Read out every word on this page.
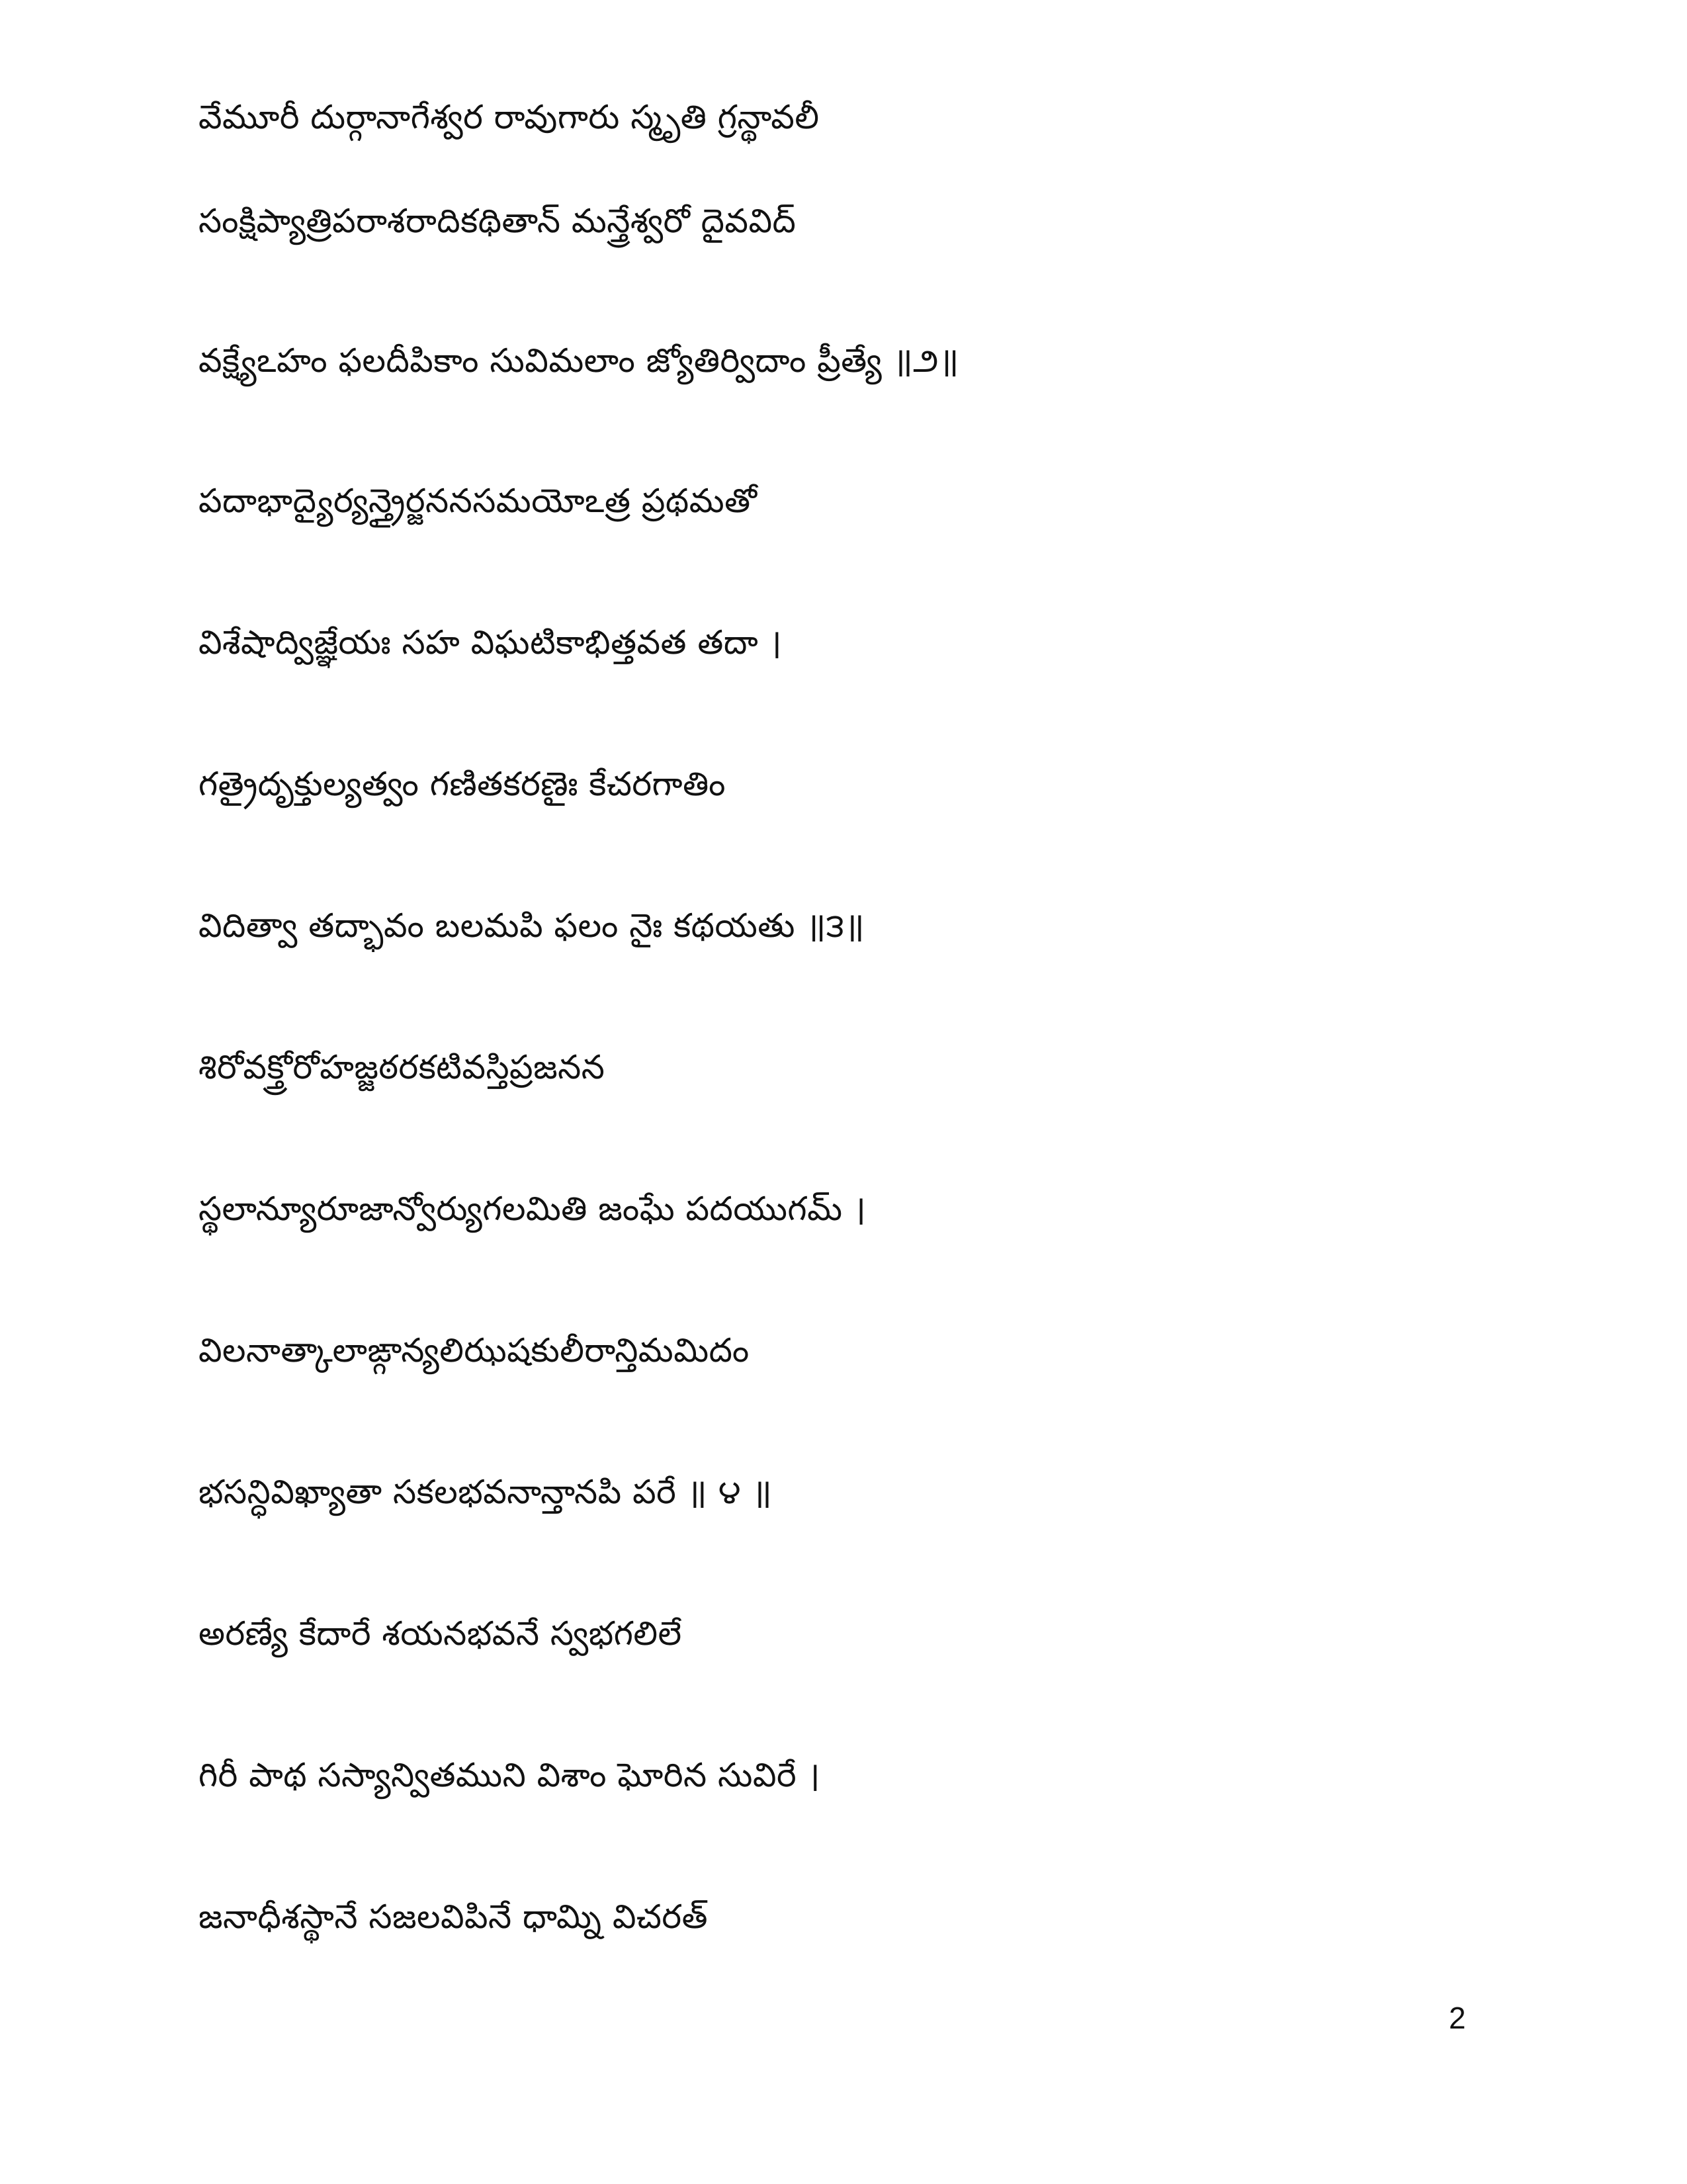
వేమూరీ దుర్గానాగేశ్వర రావుగారు స్మృతి గ్రన్థావలీ
సంక్షిప్యాత్రిపరాశరాదికథితాన్ మన్త్రేశ్వరో దైవవిద్
వక్ష్యేఽహం ఫలదీపికాం సువిమలాం జ్యోతిర్విదాం ప్రీత్యే ॥౨॥
పదాభాద్యైర్యన్త్రైర్జననసమయోఽత్ర ప్రథమతో
విశేషాద్విజ్ఞేయః సహ విఘటికాభిత్తవత తదా ।
గత్రైదృక్తుల్యత్వం గణితకరణైః కేచరగాతిం
విదిత్వా తద్భావం బలమపి ఫలం నైః కథయతు ॥౩॥
శిరోవక్త్రోరోహజ్జఠరకటివస్తిప్రజనన
స్థలాన్యూరూజాన్వోర్యుగలమితి జంఘే పదయుగమ్ ।
విలనాత్కాలాఙ్గాన్యలిఝషకులీరాన్తిమమిదం
భసన్ధివిఖ్యాతా సకలభవనాన్తానపి పరే ॥ ౪ ॥
అరణ్యే కేదారే శయనభవనే స్వభగలిలే
గిరీ పాథ సస్యాన్వితముని విశాం ఘోరిన సువిరే ।
జనాధీశస్థానే సజలవిపినే ధామ్ని విచరత్
2
